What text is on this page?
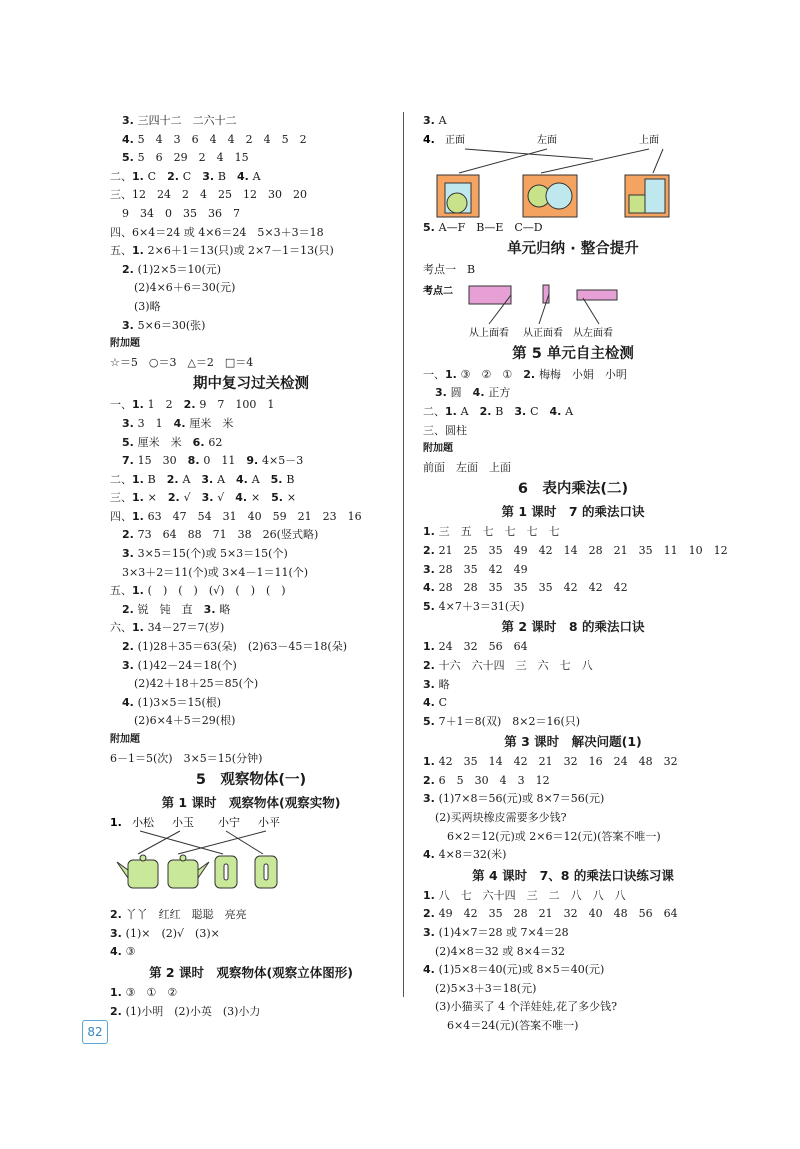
3. 三四十二　二六十二
4. 5　4　3　6　4　4　2　4　5　2
5. 5　6　29　2　4　15
二、1. C　2. C　3. B　4. A
三、12　24　2　4　25　12　30　20
9　34　0　35　36　7
四、6×4＝24 或 4×6＝24　5×3＋3＝18
五、1. 2×6＋1＝13(只)或 2×7－1＝13(只)
2. (1)2×5＝10(元)
(2)4×6＋6＝30(元)
(3)略
3. 5×6＝30(张)
附加题
☆＝5　○＝3　△＝2　□＝4
期中复习过关检测
一、1. 1　2　2. 9　7　100　1
3. 3　1　4. 厘米　米
5. 厘米　米　6. 62
7. 15　30　8. 0　11　9. 4×5－3
二、1. B　2. A　3. A　4. A　5. B
三、1. ×　2. √　3. √　4. ×　5. ×
四、1. 63　47　54　31　40　59　21　23　16
2. 73　64　88　71　38　26(竖式略)
3. 3×5＝15(个)或 5×3＝15(个)
3×3＋2＝11(个)或 3×4－1＝11(个)
五、1. (　)　(　)　(√)　(　)　(　)
2. 锐　钝　直　3. 略
六、1. 34－27＝7(岁)
2. (1)28＋35＝63(朵)　(2)63－45＝18(朵)
3. (1)42－24＝18(个)
(2)42＋18＋25＝85(个)
4. (1)3×5＝15(根)
(2)6×4＋5＝29(根)
附加题
6－1＝5(次)　3×5＝15(分钟)
5　观察物体(一)
第 1 课时　观察物体(观察实物)
1. 小松 小玉 小宁 小平
2. 丫丫　红红　聪聪　亮亮
3. (1)×　(2)√　(3)×
4. ③
第 2 课时　观察物体(观察立体图形)
1. ③　①　②
2. (1)小明　(2)小英　(3)小力
3. A
4. 正面	左面	上面
5. A—F　B—E　C—D
单元归纳 · 整合提升
考点一　B
考点二
从上面看 从正面看 从左面看
第 5 单元自主检测
一、1. ③　②　①　2. 梅梅　小娟　小明
3. 圆　4. 正方
二、1. A　2. B　3. C　4. A
三、圆柱
附加题
前面　左面　上面
6　表内乘法(二)
第 1 课时　7 的乘法口诀
1. 三　五　七　七　七　七
2. 21　25　35　49　42　14　28　21　35　11　10　12
3. 28　35　42　49
4. 28　28　35　35　35　42　42　42
5. 4×7＋3＝31(天)
第 2 课时　8 的乘法口诀
1. 24　32　56　64
2. 十六　六十四　三　六　七　八
3. 略
4. C
5. 7＋1＝8(双)　8×2＝16(只)
第 3 课时　解决问题(1)
1. 42　35　14　42　21　32　16　24　48　32
2. 6　5　30　4　3　12
3. (1)7×8＝56(元)或 8×7＝56(元)
(2)买两块橡皮需要多少钱?
6×2＝12(元)或 2×6＝12(元)(答案不唯一)
4. 4×8＝32(米)
第 4 课时　7、8 的乘法口诀练习课
1. 八　七　六十四　三　二　八　八　八
2. 49　42　35　28　21　32　40　48　56　64
3. (1)4×7＝28 或 7×4＝28
(2)4×8＝32 或 8×4＝32
4. (1)5×8＝40(元)或 8×5＝40(元)
(2)5×3＋3＝18(元)
(3)小猫买了 4 个洋娃娃,花了多少钱?
6×4＝24(元)(答案不唯一)
82
